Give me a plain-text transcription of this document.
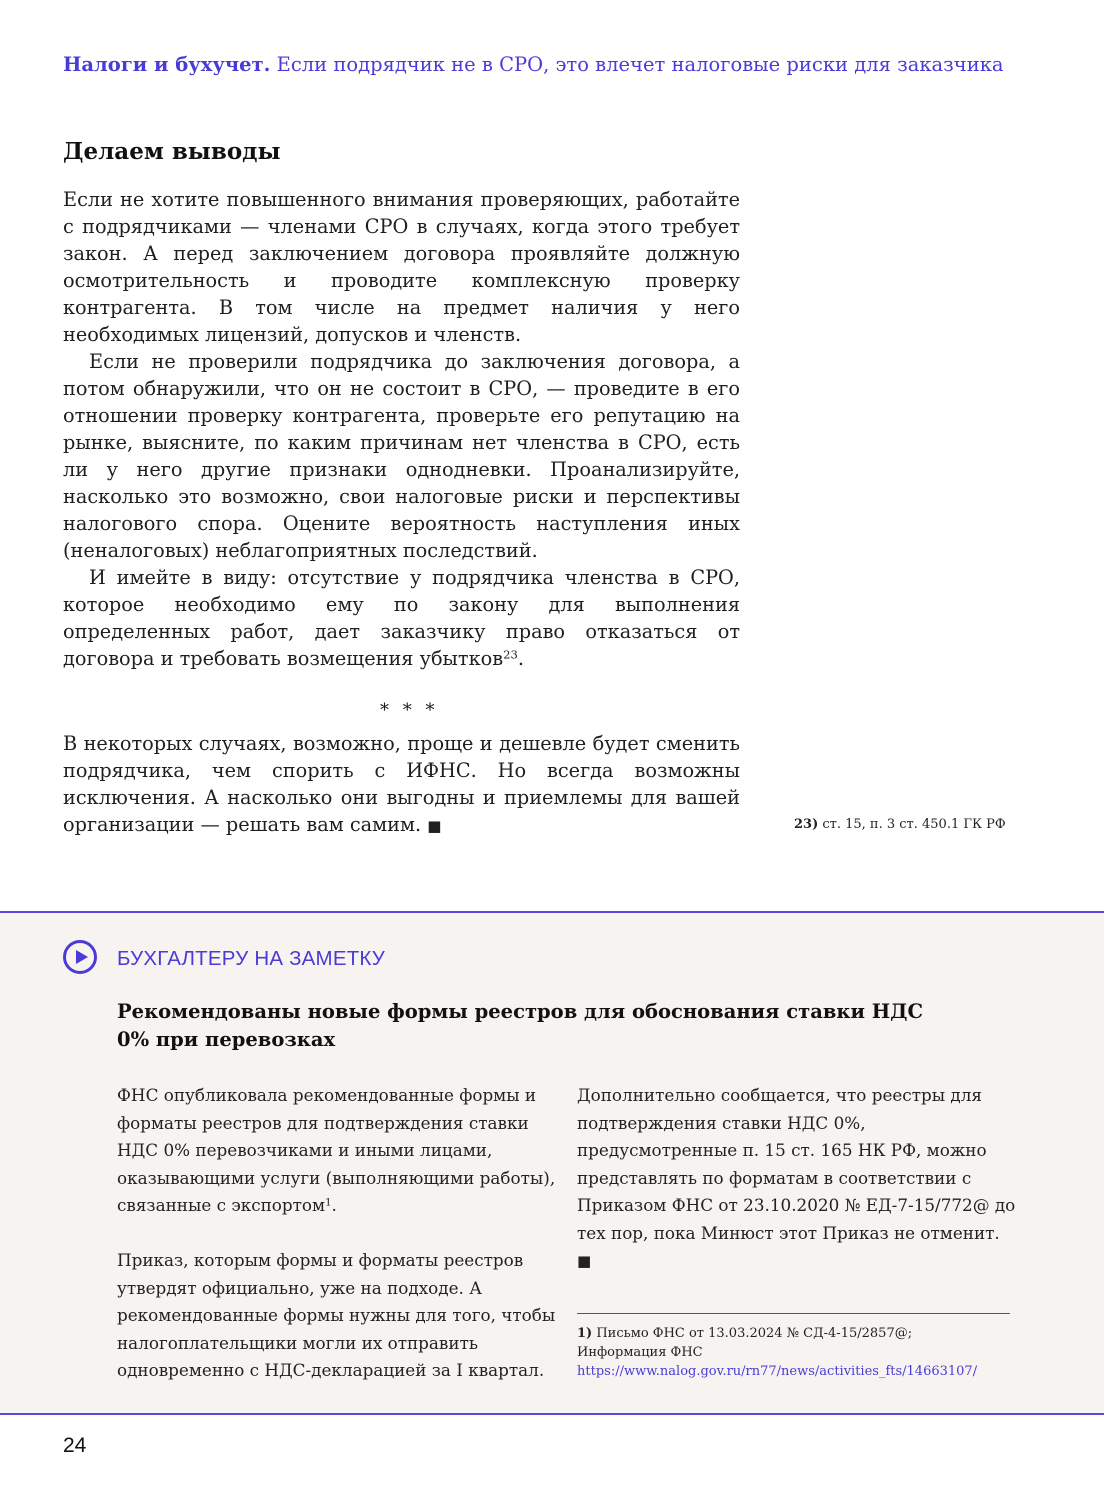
Налоги и бухучет. Если подрядчик не в СРО, это влечет налоговые риски для заказчика
Делаем выводы

Если не хотите повышенного внимания проверяющих, работайте с подрядчиками — членами СРО в случаях, когда этого требует закон. А перед заключением договора проявляйте должную осмотрительность и проводите комплексную проверку контрагента. В том числе на предмет наличия у него необходимых лицензий, допусков и членств.

Если не проверили подрядчика до заключения договора, а потом обнаружили, что он не состоит в СРО, — проведите в его отношении проверку контрагента, проверьте его репутацию на рынке, выясните, по каким причинам нет членства в СРО, есть ли у него другие признаки однодневки. Проанализируйте, насколько это возможно, свои налоговые риски и перспективы налогового спора. Оцените вероятность наступления иных (неналоговых) неблагоприятных последствий.

И имейте в виду: отсутствие у подрядчика членства в СРО, которое необходимо ему по закону для выполнения определенных работ, дает заказчику право отказаться от договора и требовать возмещения убытков$^{23}$.

* * *

В некоторых случаях, возможно, проще и дешевле будет сменить подрядчика, чем спорить с ИФНС. Но всегда возможны исключения. А насколько они выгодны и приемлемы для вашей организации — решать вам самим. ■	23) ст. 15, п. 3 ст. 450.1 ГК РФ
БУХГАЛТЕРУ НА ЗАМЕТКУ
Рекомендованы новые формы реестров для обоснования ставки НДС 0% при перевозках

ФНС опубликовала рекомендованные формы и форматы реестров для подтверждения ставки НДС 0% перевозчиками и иными лицами, оказывающими услуги (выполняющими работы), связанные с экспортом$^1$.

Приказ, которым формы и форматы реестров утвердят официально, уже на подходе. А рекомендованные формы нужны для того, чтобы налогоплательщики могли их отправить одновременно с НДС-декларацией за I квартал.

Дополнительно сообщается, что реестры для подтверждения ставки НДС 0%, предусмотренные п. 15 ст. 165 НК РФ, можно представлять по форматам в соответствии с Приказом ФНС от 23.10.2020 № ЕД-7-15/772@ до тех пор, пока Минюст этот Приказ не отменит. ■

1) Письмо ФНС от 13.03.2024 № СД-4-15/2857@;
Информация ФНС
https://www.nalog.gov.ru/rn77/news/activities_fts/14663107/
24
